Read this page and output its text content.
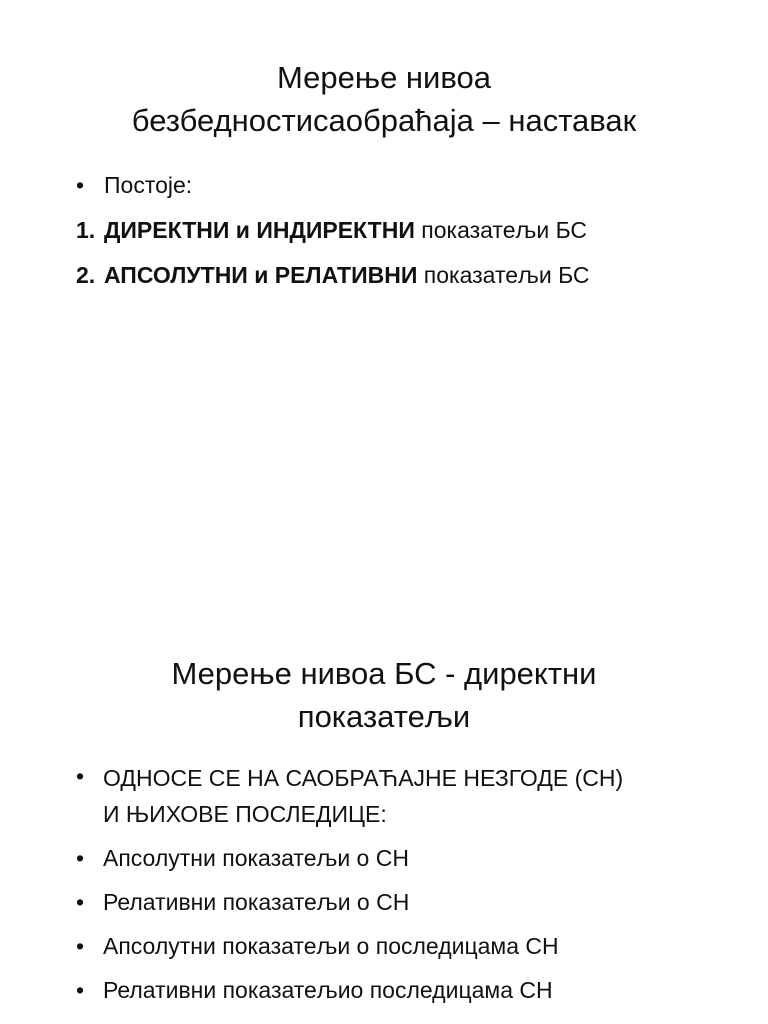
Мерење нивоа
безбедностисаобраћаја – наставак
• Постоје:
1. ДИРЕКТНИ и ИНДИРЕКТНИ показатељи БС
2. АПСОЛУТНИ и РЕЛАТИВНИ показатељи БС
Мерење нивоа БС - директни
показатељи
• ОДНОСЕ СЕ НА САОБРАЋАЈНЕ НЕЗГОДЕ (СН)
И ЊИХОВЕ ПОСЛЕДИЦЕ:
• Апсолутни показатељи о СН
• Релативни показатељи о СН
• Апсолутни показатељи о последицама СН
• Релативни показатељио последицама СН
